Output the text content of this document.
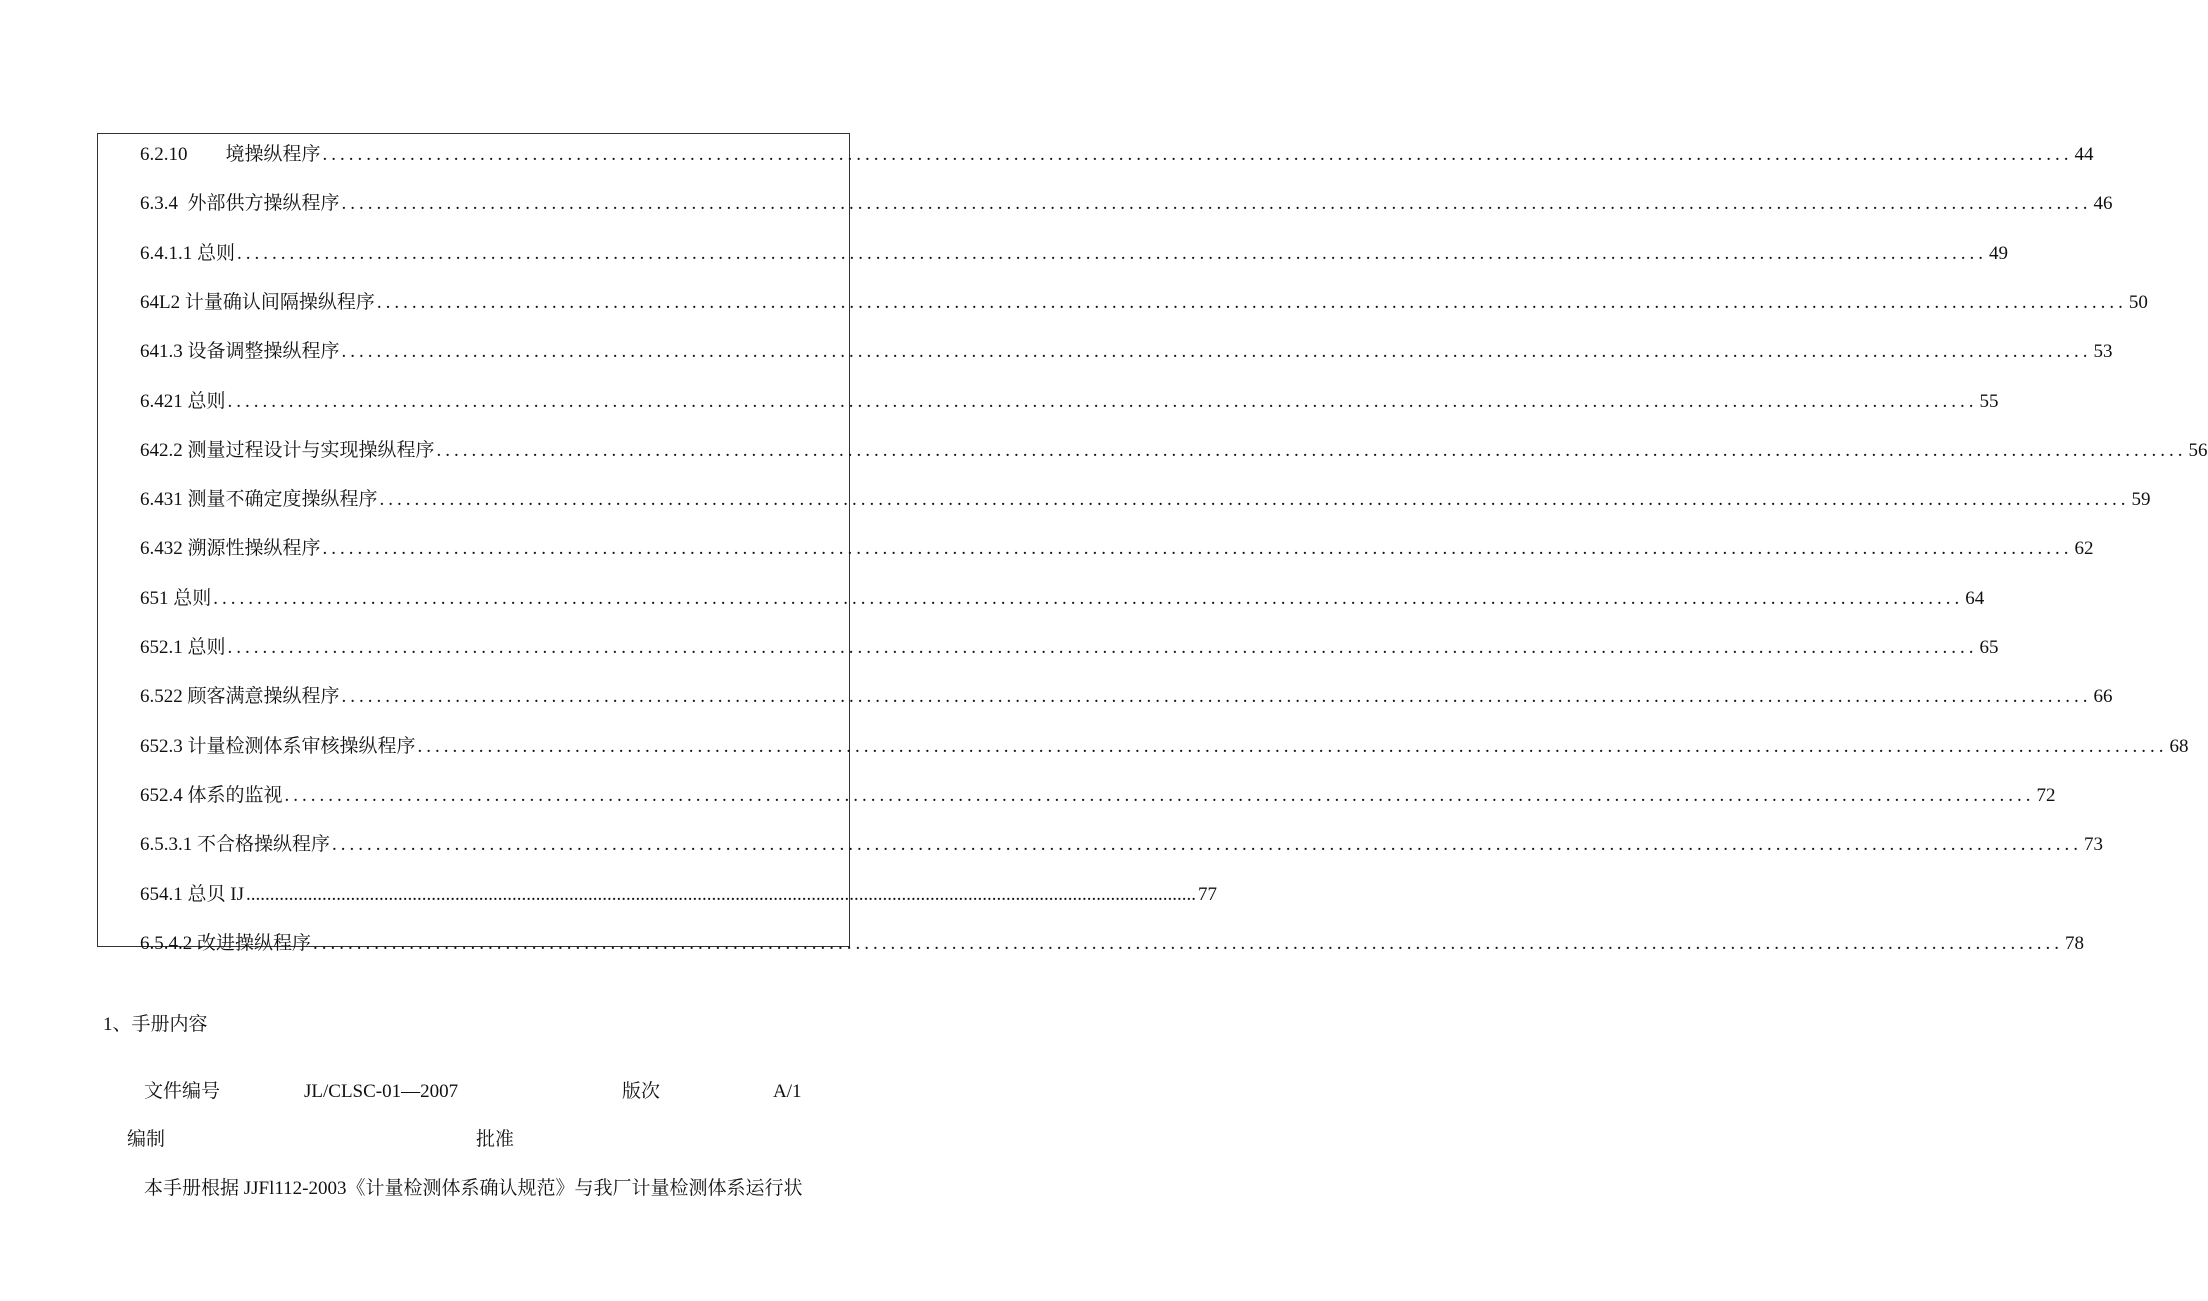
6.2.10        境操纵程序 ........................................................................................................................................................................................................ 44
6.3.4  外部供方操纵程序 ........................................................................................................................................................................................................ 46
6.4.1.1 总则 ........................................................................................................................................................................................................ 49
64L2 计量确认间隔操纵程序 ........................................................................................................................................................................................................ 50
641.3 设备调整操纵程序 ........................................................................................................................................................................................................ 53
6.421 总则 ........................................................................................................................................................................................................ 55
642.2 测量过程设计与实现操纵程序 ........................................................................................................................................................................................................ 56
6.431 测量不确定度操纵程序 ........................................................................................................................................................................................................ 59
6.432 溯源性操纵程序 ........................................................................................................................................................................................................ 62
651 总则 ........................................................................................................................................................................................................ 64
652.1 总则 ........................................................................................................................................................................................................ 65
6.522 顾客满意操纵程序 ........................................................................................................................................................................................................ 66
652.3 计量检测体系审核操纵程序 ........................................................................................................................................................................................................ 68
652.4 体系的监视 ........................................................................................................................................................................................................ 72
6.5.3.1 不合格操纵程序 ........................................................................................................................................................................................................ 73
654.1 总贝 IJ ........................................................................................................................................................................................................ 77
6.5.4.2 改进操纵程序 ........................................................................................................................................................................................................ 78
1、手册内容
文件编号	JL/CLSC-01—2007	版次	A/1
编制	批准
本手册根据 JJFl112-2003《计量检测体系确认规范》与我厂计量检测体系运行状
